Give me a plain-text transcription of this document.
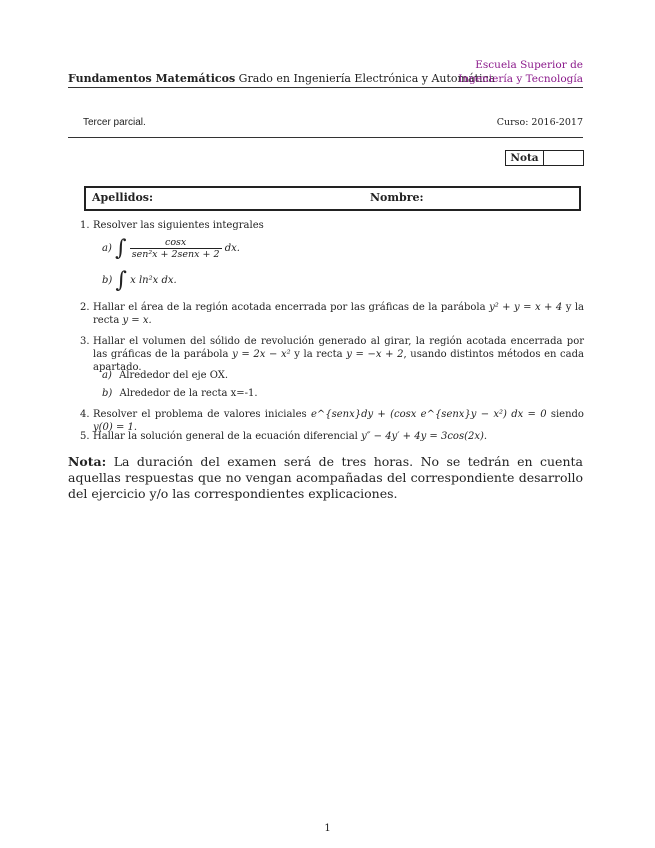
Fundamentos Matemáticos Grado en Ingeniería Electrónica y Automática
Escuela Superior de
Ingeniería y Tecnología
Tercer parcial.	Curso: 2016-2017
Nota
Apellidos:	Nombre:
1. Resolver las siguientes integrales
a) ∫ $\frac{\cos x}{\text{sen²x + 2senx + 2}}$ dx.
b) ∫ x ln²x dx.
2. Hallar el área de la región acotada encerrada por las gráficas de la parábola y² + y = x + 4 y la recta y = x.
3. Hallar el volumen del sólido de revolución generado al girar, la región acotada encerrada por las gráficas de la parábola y = 2x − x² y la recta y = −x + 2, usando distintos métodos en cada apartado.
a) Alrededor del eje OX.
b) Alrededor de la recta x=-1.
4. Resolver el problema de valores iniciales e^{senx}dy + (cosx e^{senx}y − x²) dx = 0 siendo y(0) = 1.
5. Hallar la solución general de la ecuación diferencial y″ − 4y′ + 4y = 3cos(2x).
Nota: La duración del examen será de tres horas. No se tedrán en cuenta aquellas respuestas que no vengan acompañadas del correspondiente desarrollo del ejercicio y/o las correspondientes explicaciones.
1
